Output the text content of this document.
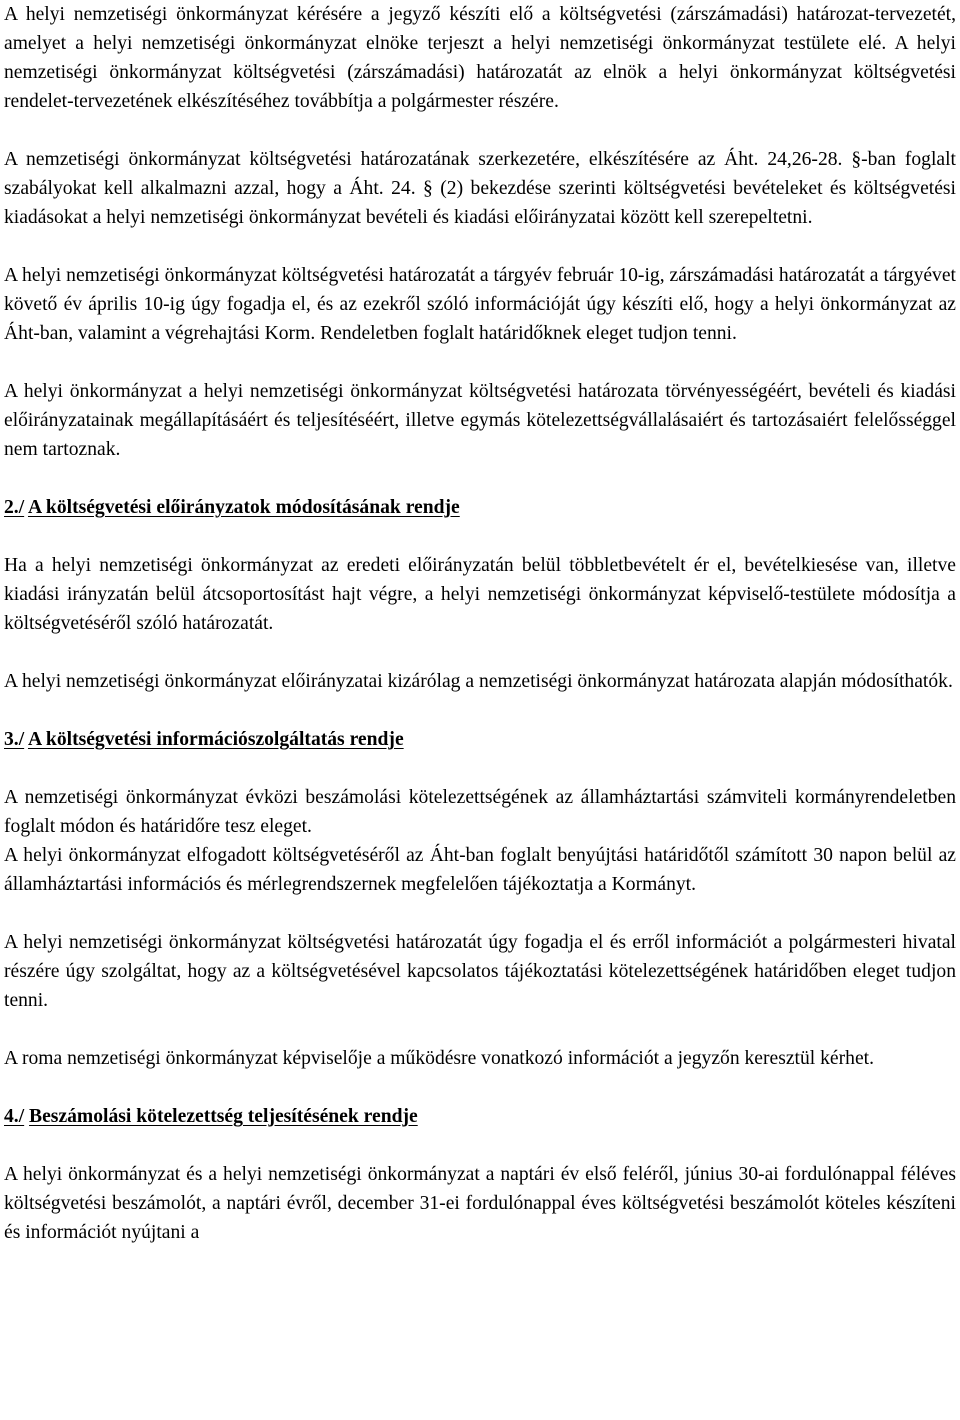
A helyi nemzetiségi önkormányzat kérésére a jegyző készíti elő a költségvetési (zárszámadási) határozat-tervezetét, amelyet a helyi nemzetiségi önkormányzat elnöke terjeszt a helyi nemzetiségi önkormányzat testülete elé. A helyi nemzetiségi önkormányzat költségvetési (zárszámadási) határozatát az elnök a helyi önkormányzat költségvetési rendelet-tervezetének elkészítéséhez továbbítja a polgármester részére.

A nemzetiségi önkormányzat költségvetési határozatának szerkezetére, elkészítésére az Áht. 24,26-28. §-ban foglalt szabályokat kell alkalmazni azzal, hogy a Áht. 24. § (2) bekezdése szerinti költségvetési bevételeket és költségvetési kiadásokat a helyi nemzetiségi önkormányzat bevételi és kiadási előirányzatai között kell szerepeltetni.

A helyi nemzetiségi önkormányzat költségvetési határozatát a tárgyév február 10-ig, zárszámadási határozatát a tárgyévet követő év április 10-ig úgy fogadja el, és az ezekről szóló információját úgy készíti elő, hogy a helyi önkormányzat az Áht-ban, valamint a végrehajtási Korm. Rendeletben foglalt határidőknek eleget tudjon tenni.

A helyi önkormányzat a helyi nemzetiségi önkormányzat költségvetési határozata törvényességéért, bevételi és kiadási előirányzatainak megállapításáért és teljesítéséért, illetve egymás kötelezettségvállalásaiért és tartozásaiért felelősséggel nem tartoznak.

2./ A költségvetési előirányzatok módosításának rendje

Ha a helyi nemzetiségi önkormányzat az eredeti előirányzatán belül többletbevételt ér el, bevételkiesése van, illetve kiadási irányzatán belül átcsoportosítást hajt végre, a helyi nemzetiségi önkormányzat képviselő-testülete módosítja a költségvetéséről szóló határozatát.

A helyi nemzetiségi önkormányzat előirányzatai kizárólag a nemzetiségi önkormányzat határozata alapján módosíthatók.

3./ A költségvetési információszolgáltatás rendje

A nemzetiségi önkormányzat évközi beszámolási kötelezettségének az államháztartási számviteli kormányrendeletben foglalt módon és határidőre tesz eleget.

A helyi önkormányzat elfogadott költségvetéséről az Áht-ban foglalt benyújtási határidőtől számított 30 napon belül az államháztartási információs és mérlegrendszernek megfelelően tájékoztatja a Kormányt.

A helyi nemzetiségi önkormányzat költségvetési határozatát úgy fogadja el és erről információt a polgármesteri hivatal részére úgy szolgáltat, hogy az a költségvetésével kapcsolatos tájékoztatási kötelezettségének határidőben eleget tudjon tenni.

A roma nemzetiségi önkormányzat képviselője a működésre vonatkozó információt a jegyzőn keresztül kérhet.

4./ Beszámolási kötelezettség teljesítésének rendje

A helyi önkormányzat és a helyi nemzetiségi önkormányzat a naptári év első feléről, június 30-ai fordulónappal féléves költségvetési beszámolót, a naptári évről, december 31-ei fordulónappal éves költségvetési beszámolót köteles készíteni és információt nyújtani a
